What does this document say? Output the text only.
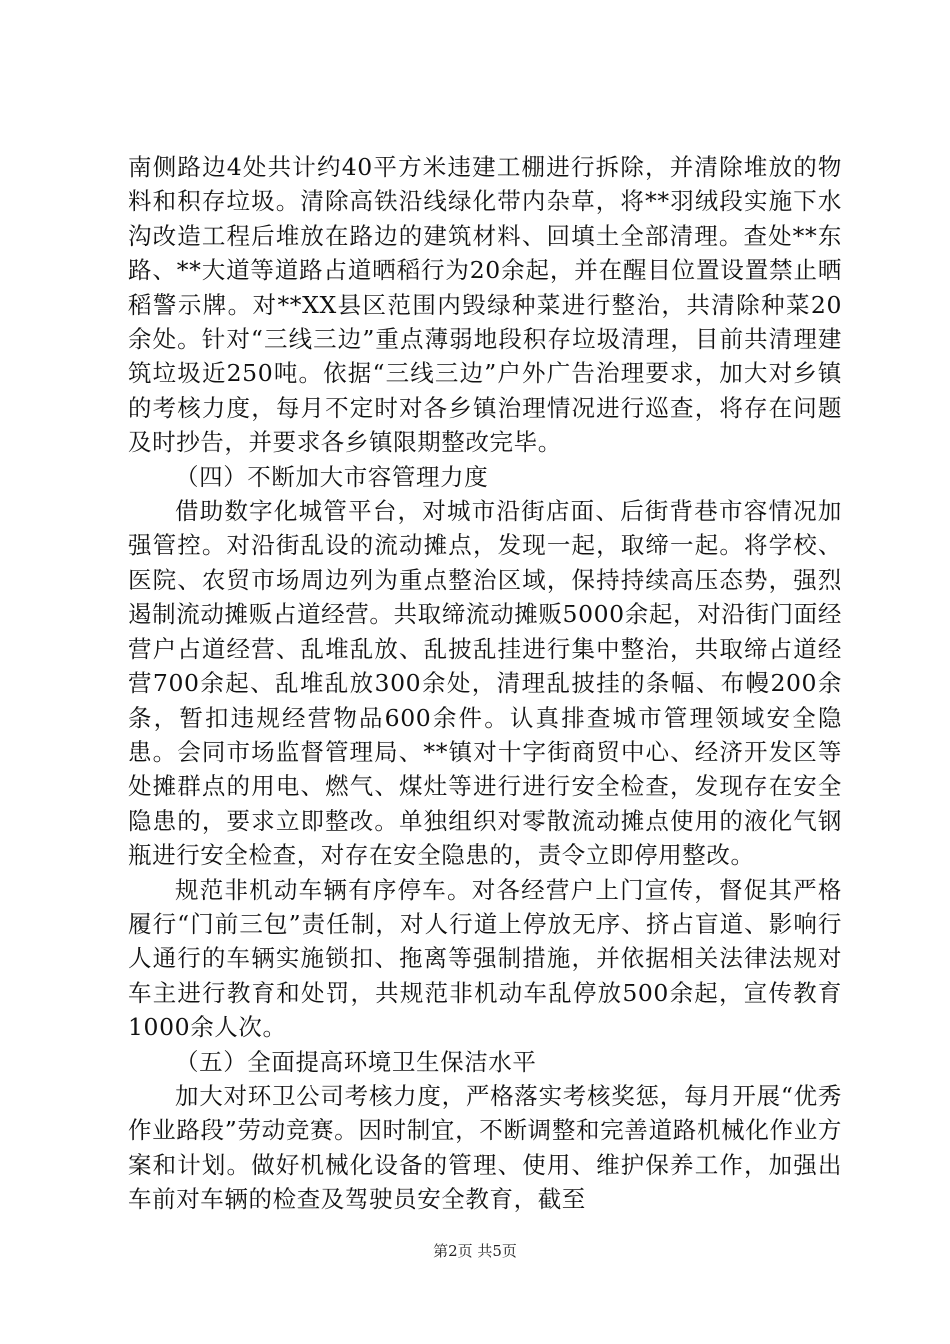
南侧路边4处共计约40平方米违建工棚进行拆除，并清除堆放的物料和积存垃圾。清除高铁沿线绿化带内杂草，将**羽绒段实施下水沟改造工程后堆放在路边的建筑材料、回填土全部清理。查处**东路、**大道等道路占道晒稻行为20余起，并在醒目位置设置禁止晒稻警示牌。对**XX县区范围内毁绿种菜进行整治，共清除种菜20余处。针对“三线三边”重点薄弱地段积存垃圾清理，目前共清理建筑垃圾近250吨。依据“三线三边”户外广告治理要求，加大对乡镇的考核力度，每月不定时对各乡镇治理情况进行巡查，将存在问题及时抄告，并要求各乡镇限期整改完毕。

（四）不断加大市容管理力度

借助数字化城管平台，对城市沿街店面、后街背巷市容情况加强管控。对沿街乱设的流动摊点，发现一起，取缔一起。将学校、医院、农贸市场周边列为重点整治区域，保持持续高压态势，强烈遏制流动摊贩占道经营。共取缔流动摊贩5000余起，对沿街门面经营户占道经营、乱堆乱放、乱披乱挂进行集中整治，共取缔占道经营700余起、乱堆乱放300余处，清理乱披挂的条幅、布幔200余条，暂扣违规经营物品600余件。认真排查城市管理领域安全隐患。会同市场监督管理局、**镇对十字街商贸中心、经济开发区等处摊群点的用电、燃气、煤灶等进行进行安全检查，发现存在安全隐患的，要求立即整改。单独组织对零散流动摊点使用的液化气钢瓶进行安全检查，对存在安全隐患的，责令立即停用整改。

规范非机动车辆有序停车。对各经营户上门宣传，督促其严格履行“门前三包”责任制，对人行道上停放无序、挤占盲道、影响行人通行的车辆实施锁扣、拖离等强制措施，并依据相关法律法规对车主进行教育和处罚，共规范非机动车乱停放500余起，宣传教育1000余人次。

（五）全面提高环境卫生保洁水平

加大对环卫公司考核力度，严格落实考核奖惩，每月开展“优秀作业路段”劳动竞赛。因时制宜，不断调整和完善道路机械化作业方案和计划。做好机械化设备的管理、使用、维护保养工作，加强出车前对车辆的检查及驾驶员安全教育，截至

第2页 共5页
